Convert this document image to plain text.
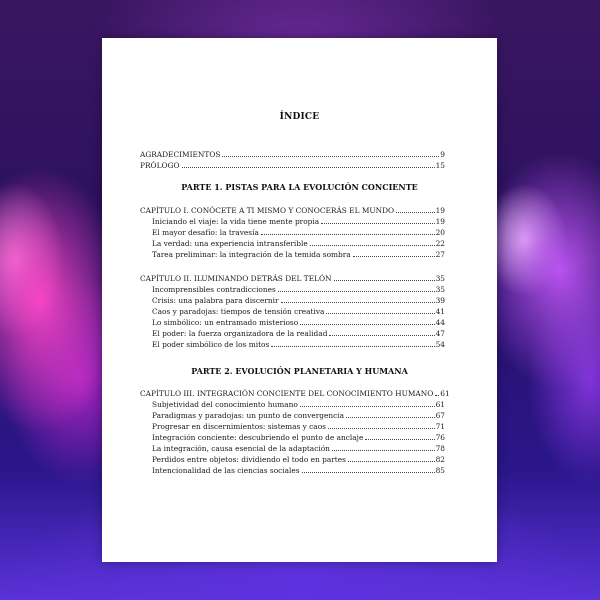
ÍNDICE
AGRADECIMIENTOS	9
PRÓLOGO	15
PARTE 1. PISTAS PARA LA EVOLUCIÓN CONCIENTE
CAPÍTULO I. CONÓCETE A TI MISMO Y CONOCERÁS EL MUNDO	19
Iniciando el viaje: la vida tiene mente propia	19
El mayor desafío: la travesía	20
La verdad: una experiencia intransferible	22
Tarea preliminar: la integración de la temida sombra	27
CAPÍTULO II. ILUMINANDO DETRÁS DEL TELÓN	35
Incomprensibles contradicciones	35
Crisis: una palabra para discernir	39
Caos y paradojas: tiempos de tensión creativa	41
Lo simbólico: un entramado misterioso	44
El poder: la fuerza organizadora de la realidad	47
El poder simbólico de los mitos	54
PARTE 2. EVOLUCIÓN PLANETARIA Y HUMANA
CAPÍTULO III. INTEGRACIÓN CONCIENTE DEL CONOCIMIENTO HUMANO 61
Subjetividad del conocimiento humano	61
Paradigmas y paradojas: un punto de convergencia	67
Progresar en discernimientos: sistemas y caos	71
Integración conciente: descubriendo el punto de anclaje	76
La integración, causa esencial de la adaptación	78
Perdidos entre objetos: dividiendo el todo en partes	82
Intencionalidad de las ciencias sociales	85
